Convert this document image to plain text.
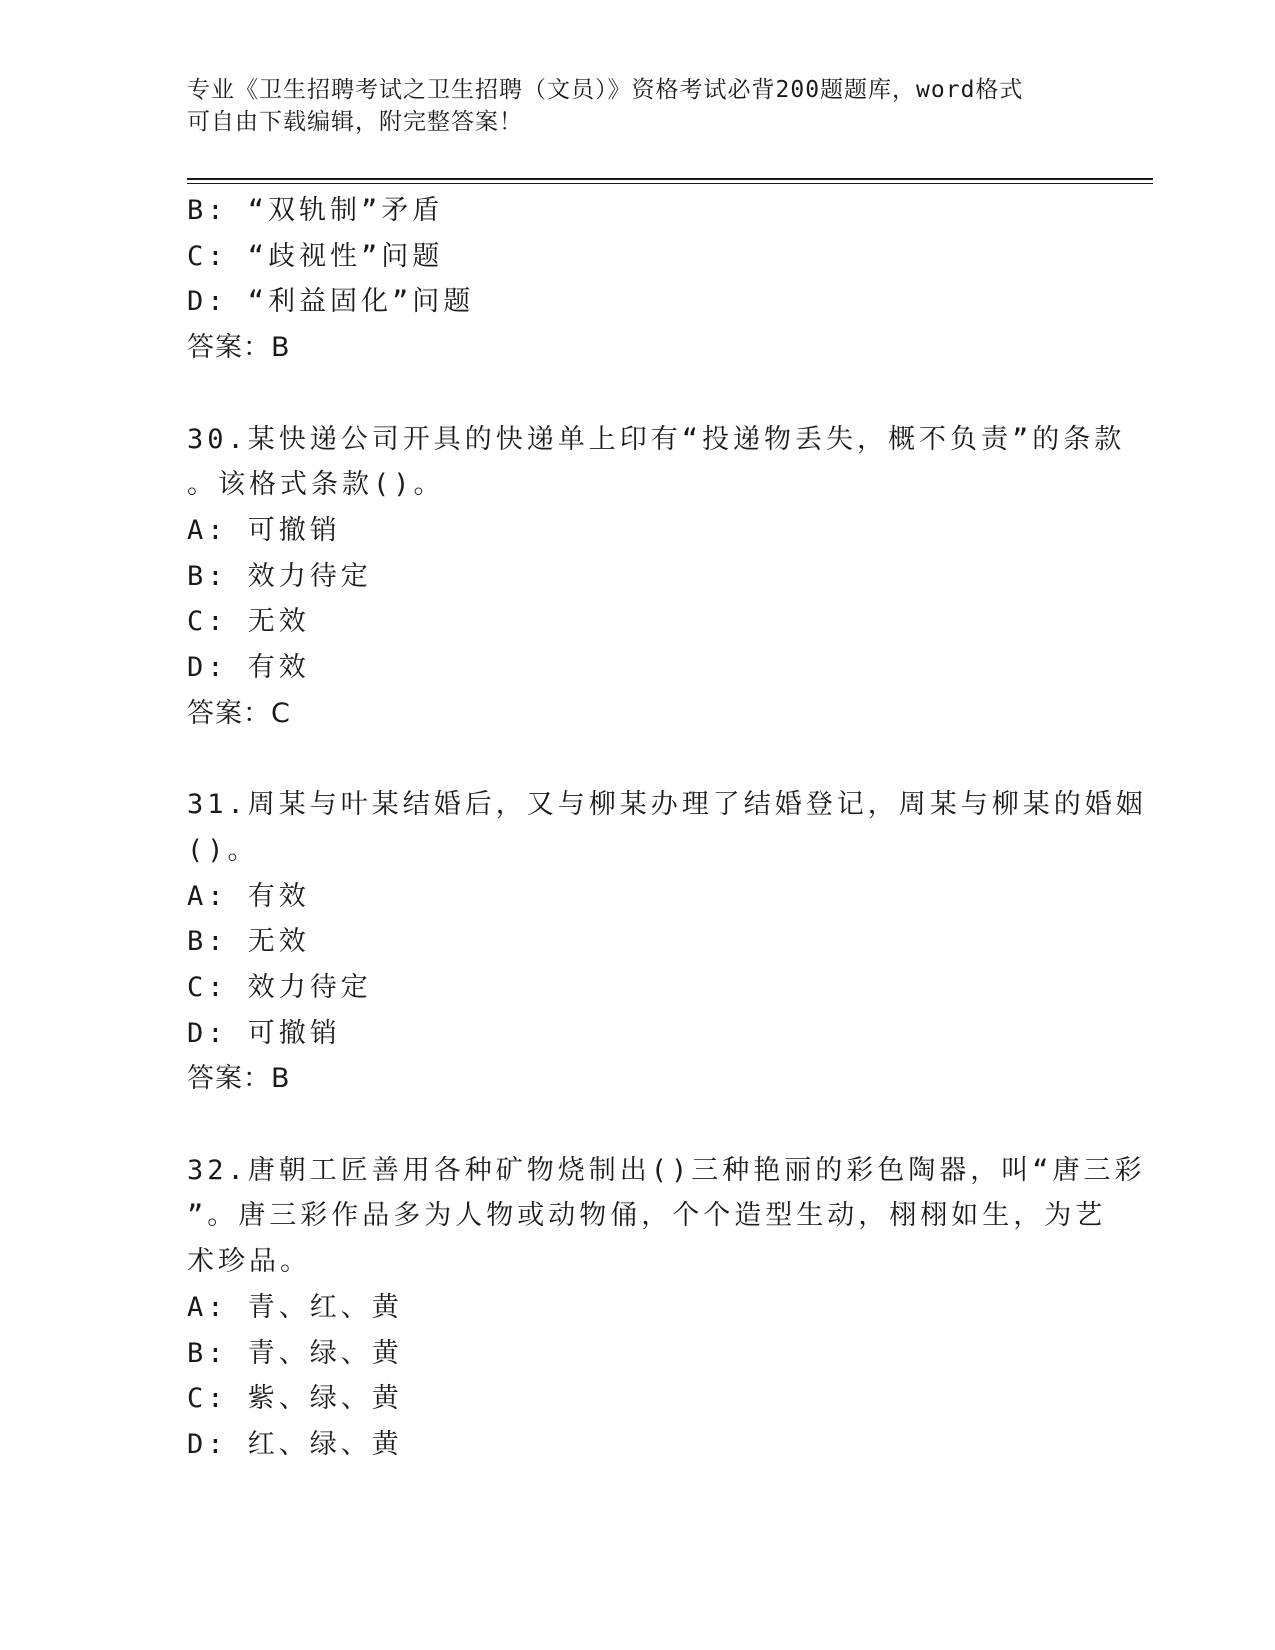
专业《卫生招聘考试之卫生招聘（文员）》资格考试必背200题题库，word格式
可自由下载编辑，附完整答案！
B: “双轨制”矛盾
C: “歧视性”问题
D: “利益固化”问题
答案：B
30.某快递公司开具的快递单上印有“投递物丢失，概不负责”的条款
。该格式条款()。
A: 可撤销
B: 效力待定
C: 无效
D: 有效
答案：C
31.周某与叶某结婚后，又与柳某办理了结婚登记，周某与柳某的婚姻
()。
A: 有效
B: 无效
C: 效力待定
D: 可撤销
答案：B
32.唐朝工匠善用各种矿物烧制出()三种艳丽的彩色陶器，叫“唐三彩
”。唐三彩作品多为人物或动物俑，个个造型生动，栩栩如生，为艺
术珍品。
A: 青、红、黄
B: 青、绿、黄
C: 紫、绿、黄
D: 红、绿、黄
